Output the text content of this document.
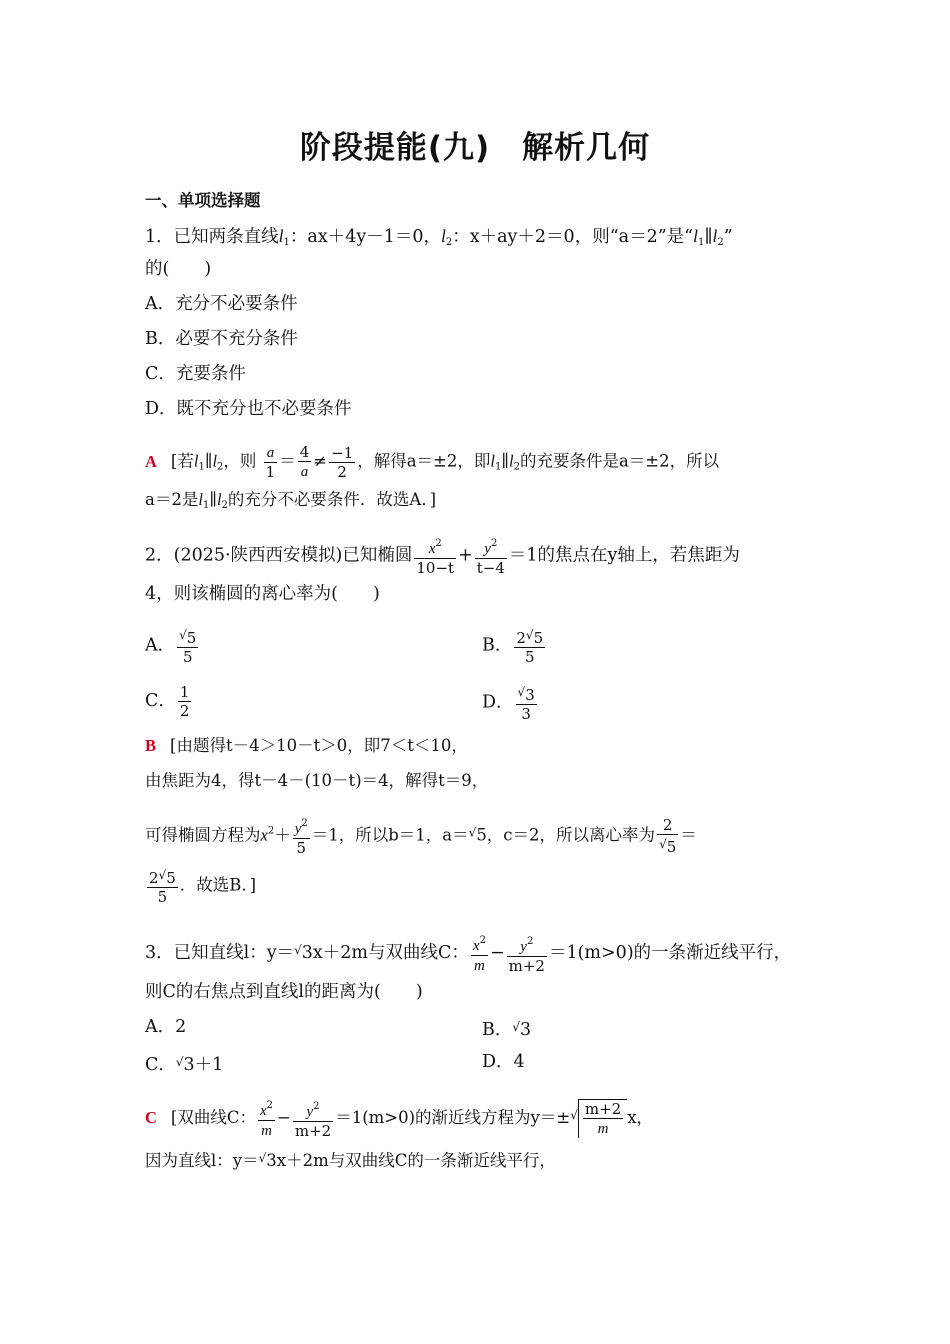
阶段提能(九)　解析几何
一、单项选择题
1．已知两条直线$l_1$：ax＋4y－1＝0，$l_2$：x＋ay＋2＝0，则“a＝2”是“$l_1\parallel l_2$”
的(　　)
A．充分不必要条件
B．必要不充分条件
C．充要条件
D．既不充分也不必要条件
A [若$l_1\parallel l_2$，则 $\frac{a}{1} = \frac{4}{a} \ne \frac{-1}{2}$ ，解得a＝±2，即$l_1\parallel l_2$的充要条件是a＝±2，所以
a＝2是$l_1\parallel l_2$的充分不必要条件．故选A．]
2．(2025·陕西西安模拟)已知椭圆 $\frac{x^2}{10-t} + \frac{y^2}{t-4} =1$的焦点在y轴上，若焦距为
4，则该椭圆的离心率为(　　)
A． $\frac{^√5}{5}$	B． $\frac{2^√5}{5}$
C． $\frac{1}{2}$	D． $\frac{^√3}{3}$
B [由题得t－4＞10－t＞0，即7＜t＜10，
由焦距为4，得t－4－(10－t)＝4，解得t＝9，
可得椭圆方程为$x^2+ \frac{y^2}{5} =1$，所以b＝1，a＝√5，c＝2，所以离心率为 $\frac{2}{^√5}$ ＝
$\frac{2^√5}{5}$ ．故选B．]
3．已知直线l：y＝√3x＋2m与双曲线C： $\frac{x^2}{m} - \frac{y^2}{m+2} =1(m>0)$的一条渐近线平行，
则C的右焦点到直线l的距离为(　　)
A．2	B．√3
C．√3＋1	D．4
C [双曲线C： $\frac{x^2}{m} - \frac{y^2}{m+2} =1(m>0)$的渐近线方程为$y=\pm^√ \frac{m+2}{m}$ x，
因为直线l：y＝√3x＋2m与双曲线C的一条渐近线平行，
